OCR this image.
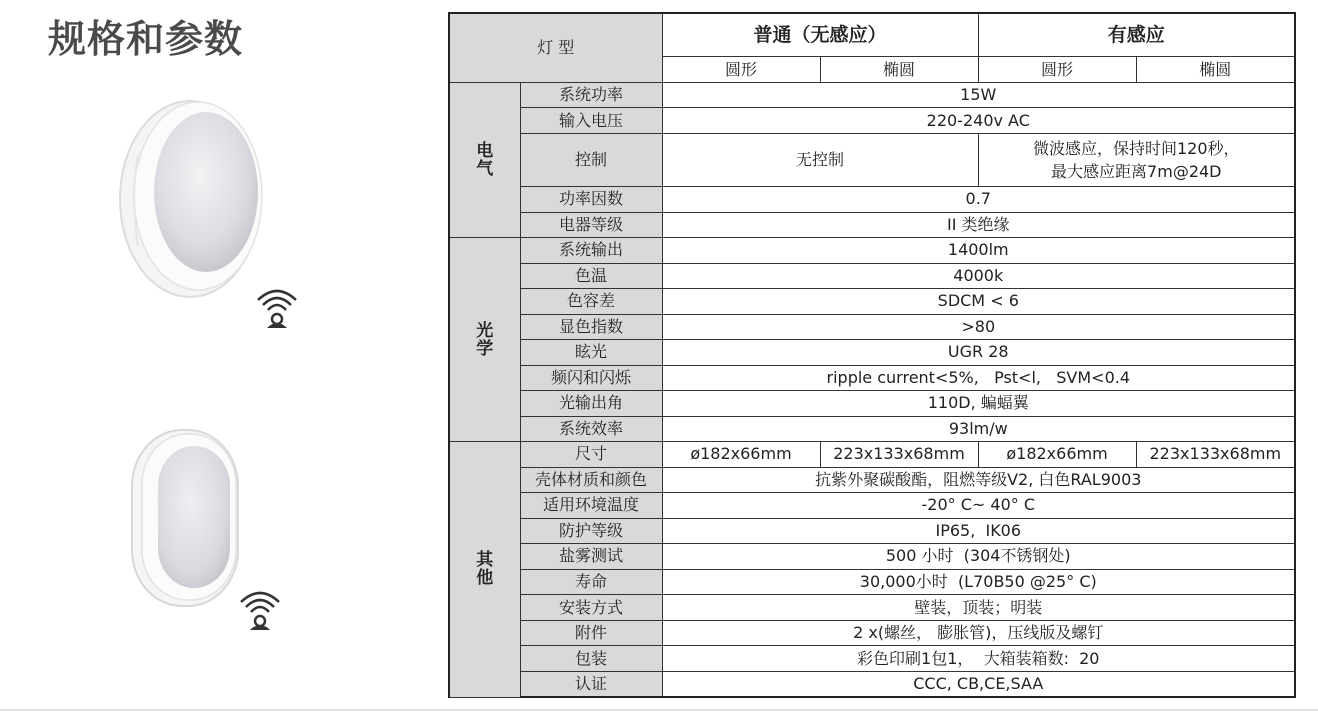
规格和参数	灯 型		普通（无感应）		有感应	
		圆形	椭圆	圆形	椭圆
电
气	系统功率	15W			
	输入电压	220-240v AC			
	控制	无控制		微波感应，保持时间120秒，
最大感应距离7m@24D	
	功率因数	0.7			
	电器等级	II 类绝缘			
光
学	系统输出	1400lm			
	色温	4000k			
	色容差	SDCM < 6			
	显色指数	>80			
	眩光	UGR 28			
	频闪和闪烁	ripple current<5%,   Pst<l,   SVM<0.4			
	光输出角	110D, 蝙蝠翼			
	系统效率	93lm/w			
其
他	尺寸	ø182x66mm	223x133x68mm	ø182x66mm	223x133x68mm
	壳体材质和颜色	抗紫外聚碳酸酯，阻燃等级V2, 白色RAL9003			
	适用环境温度	-20° C~ 40° C			
	防护等级	IP65,  IK06			
	盐雾测试	500 小时  (304不锈钢处)			
	寿命	30,000小时  (L70B50 @25° C)			
	安装方式	壁装，顶装；明装			
	附件	2 x(螺丝， 膨胀管)，压线版及螺钉			
	包装	彩色印刷1包1，  大箱装箱数:  20			
	认证	CCC, CB,CE,SAA			
